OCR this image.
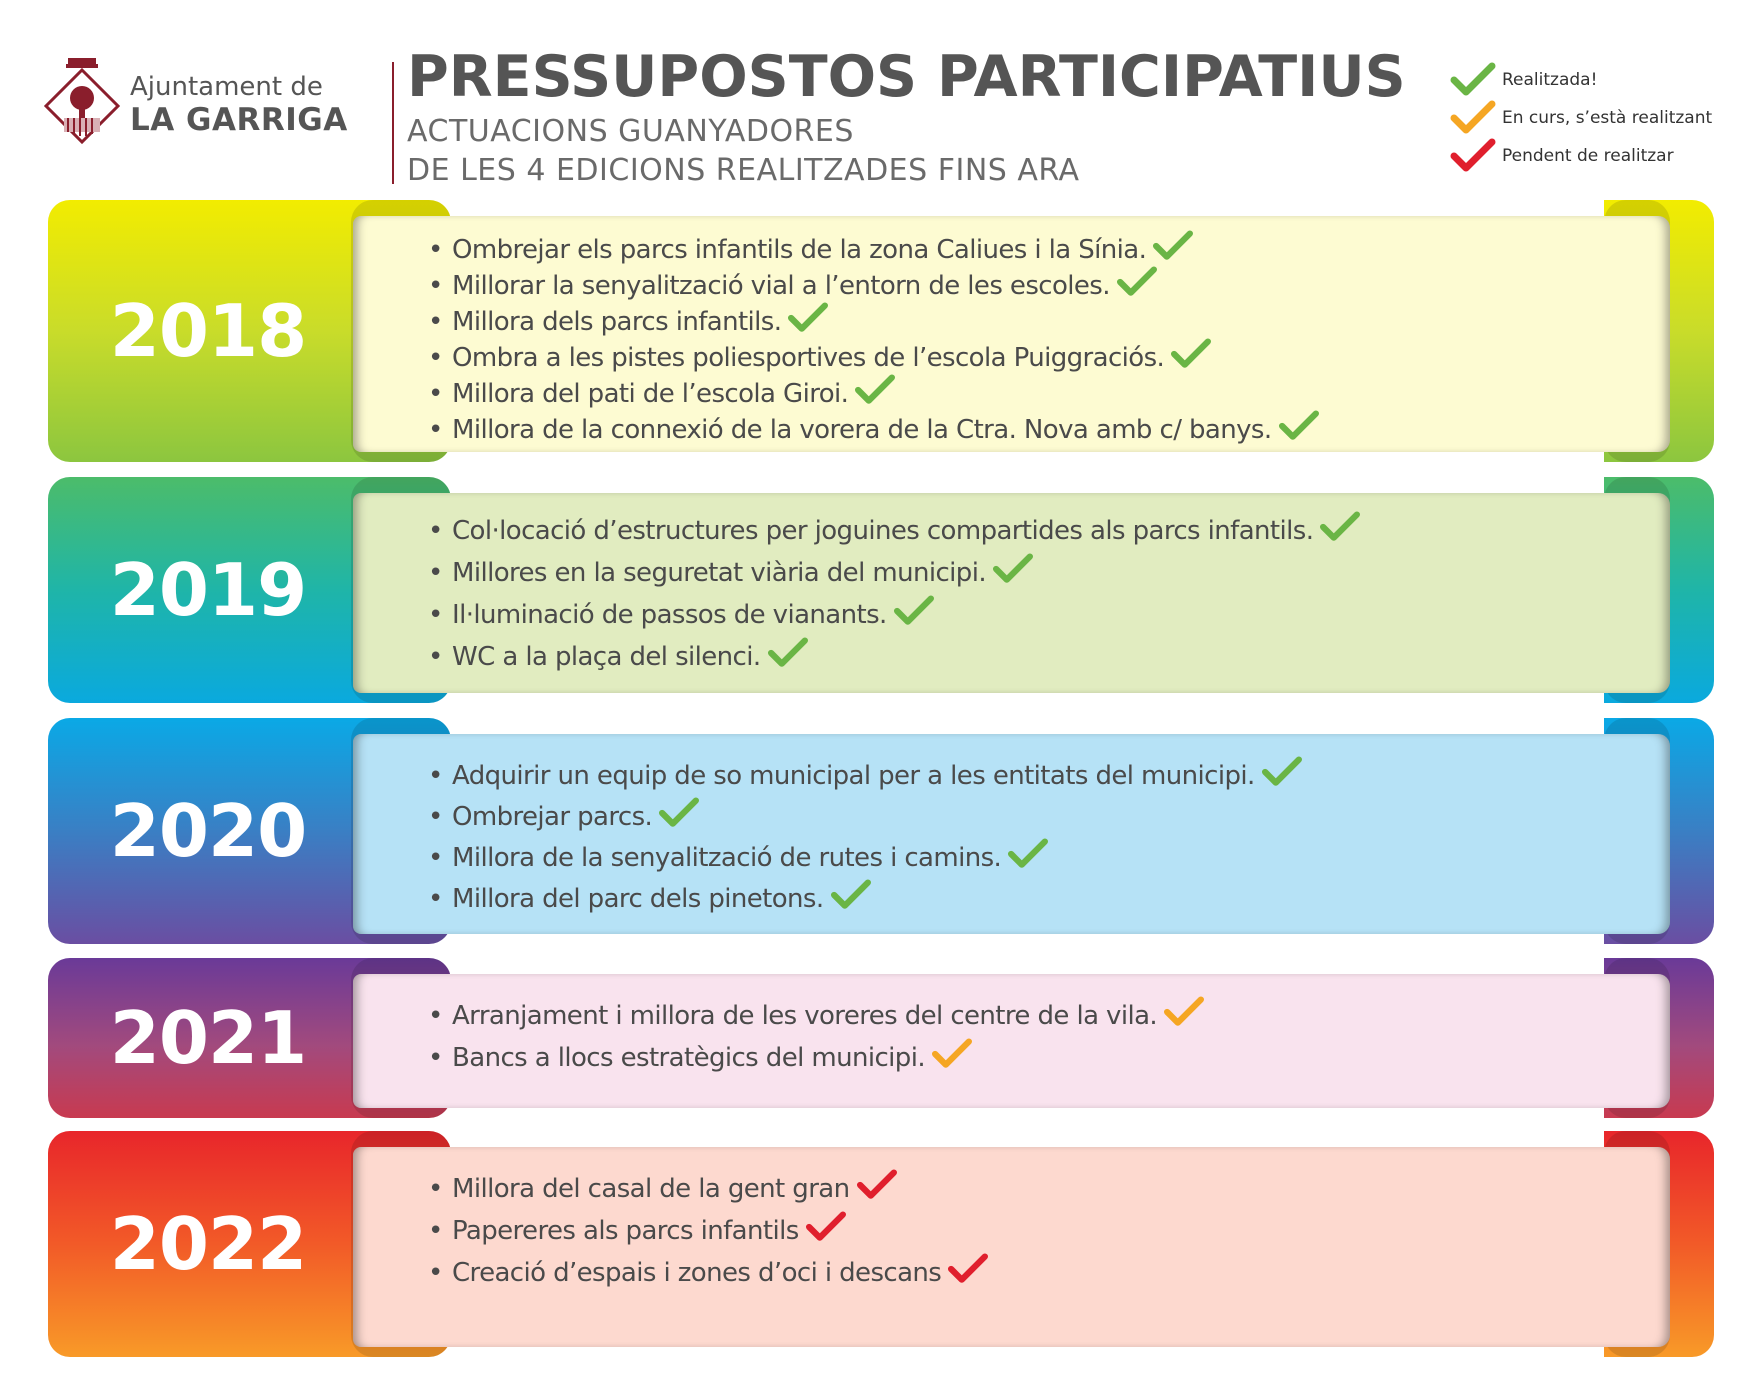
Ajuntament de
LA GARRIGA
PRESSUPOSTOS PARTICIPATIUS
ACTUACIONS GUANYADORES
DE LES 4 EDICIONS REALITZADES FINS ARA
Realitzada!
En curs, s’està realitzant
Pendent de realitzar
2018
• Ombrejar els parcs infantils de la zona Caliues i la Sínia.
• Millorar la senyalització vial a l’entorn de les escoles.
• Millora dels parcs infantils.
• Ombra a les pistes poliesportives de l’escola Puiggraciós.
• Millora del pati de l’escola Giroi.
• Millora de la connexió de la vorera de la Ctra. Nova amb c/ banys.
2019
• Col·locació d’estructures per joguines compartides als parcs infantils.
• Millores en la seguretat viària del municipi.
• Il·luminació de passos de vianants.
• WC a la plaça del silenci.
2020
• Adquirir un equip de so municipal per a les entitats del municipi.
• Ombrejar parcs.
• Millora de la senyalització de rutes i camins.
• Millora del parc dels pinetons.
2021	• Arranjament i millora de les voreres del centre de la vila.
• Bancs a llocs estratègics del municipi.
2022
• Millora del casal de la gent gran
• Papereres als parcs infantils
• Creació d’espais i zones d’oci i descans
